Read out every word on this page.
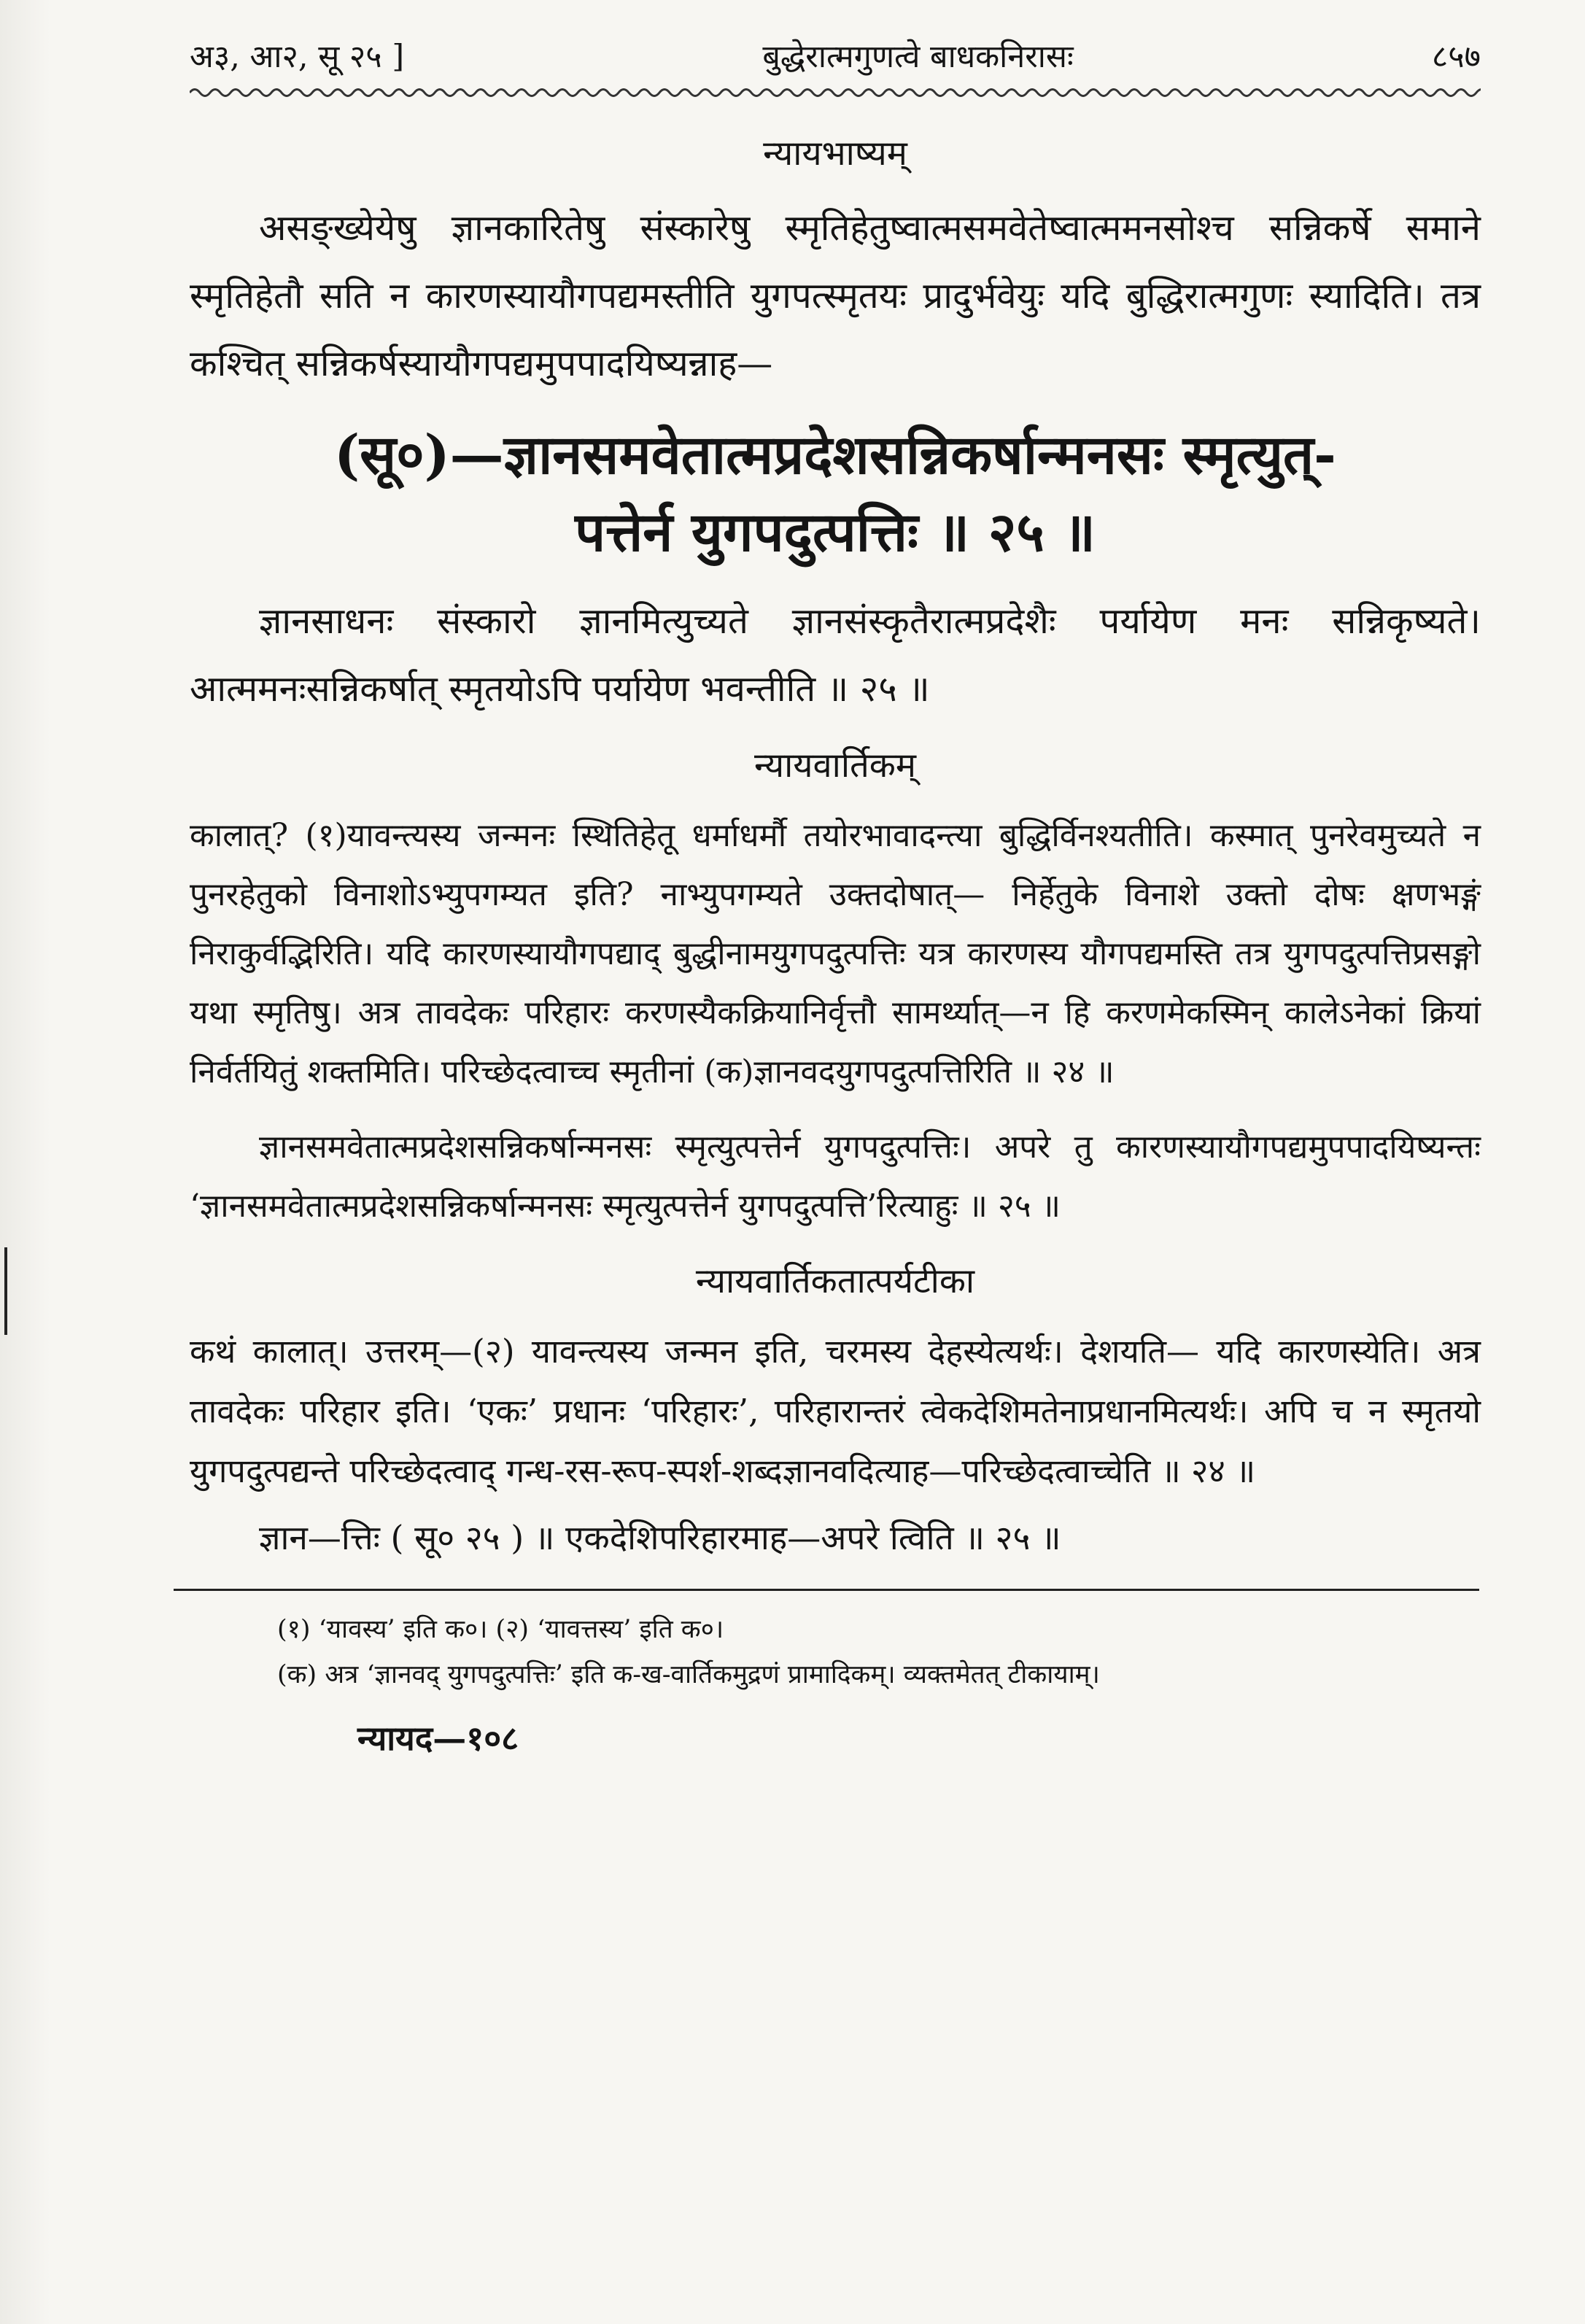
अ३, आ२, सू २५ ]	बुद्धेरात्मगुणत्वे बाधकनिरासः	८५७
न्यायभाष्यम्

असङ्ख्येयेषु ज्ञानकारितेषु संस्कारेषु स्मृतिहेतुष्वात्मसमवेतेष्वात्ममनसोश्च सन्निकर्षे समाने स्मृतिहेतौ सति न कारणस्यायौगपद्यमस्तीति युगपत्स्मृतयः प्रादुर्भवेयुः यदि बुद्धिरात्मगुणः स्यादिति। तत्र कश्चित् सन्निकर्षस्यायौगपद्यमुपपादयिष्यन्नाह—

(सू०)—ज्ञानसमवेतात्मप्रदेशसन्निकर्षान्मनसः स्मृत्युत्-
पत्तेर्न युगपदुत्पत्तिः ॥ २५ ॥

ज्ञानसाधनः संस्कारो ज्ञानमित्युच्यते ज्ञानसंस्कृतैरात्मप्रदेशैः पर्यायेण मनः सन्निकृष्यते। आत्ममनःसन्निकर्षात् स्मृतयोऽपि पर्यायेण भवन्तीति ॥ २५ ॥

न्यायवार्तिकम्

कालात्? (१)यावन्त्यस्य जन्मनः स्थितिहेतू धर्माधर्मौ तयोरभावादन्त्या बुद्धिर्विनश्यतीति। कस्मात् पुनरेवमुच्यते न पुनरहेतुको विनाशोऽभ्युपगम्यत इति? नाभ्युपगम्यते उक्तदोषात्— निर्हेतुके विनाशे उक्तो दोषः क्षणभङ्गं निराकुर्वद्भिरिति। यदि कारणस्यायौगपद्याद् बुद्धीनामयुगपदुत्पत्तिः यत्र कारणस्य यौगपद्यमस्ति तत्र युगपदुत्पत्तिप्रसङ्गो यथा स्मृतिषु। अत्र तावदेकः परिहारः करणस्यैकक्रियानिर्वृत्तौ सामर्थ्यात्—न हि करणमेकस्मिन् कालेऽनेकां क्रियां निर्वर्तयितुं शक्तमिति। परिच्छेदत्वाच्च स्मृतीनां (क)ज्ञानवदयुगपदुत्पत्तिरिति ॥ २४ ॥

ज्ञानसमवेतात्मप्रदेशसन्निकर्षान्मनसः स्मृत्युत्पत्तेर्न युगपदुत्पत्तिः। अपरे तु कारणस्यायौगपद्यमुपपादयिष्यन्तः ‘ज्ञानसमवेतात्मप्रदेशसन्निकर्षान्मनसः स्मृत्युत्पत्तेर्न युगपदुत्पत्ति’रित्याहुः ॥ २५ ॥

न्यायवार्तिकतात्पर्यटीका

कथं कालात्। उत्तरम्—(२) यावन्त्यस्य जन्मन इति, चरमस्य देहस्येत्यर्थः। देशयति— यदि कारणस्येति। अत्र तावदेकः परिहार इति। ‘एकः’ प्रधानः ‘परिहारः’, परिहारान्तरं त्वेकदेशिमतेनाप्रधानमित्यर्थः। अपि च न स्मृतयो युगपदुत्पद्यन्ते परिच्छेदत्वाद् गन्ध-रस-रूप-स्पर्श-शब्दज्ञानवदित्याह—परिच्छेदत्वाच्चेति ॥ २४ ॥

ज्ञान—त्तिः ( सू० २५ ) ॥ एकदेशिपरिहारमाह—अपरे त्विति ॥ २५ ॥

(१) ‘यावस्य’ इति क०। (२) ‘यावत्तस्य’ इति क०।

(क) अत्र ‘ज्ञानवद् युगपदुत्पत्तिः’ इति क-ख-वार्तिकमुद्रणं प्रामादिकम्। व्यक्तमेतत् टीकायाम्।

न्यायद—१०८
